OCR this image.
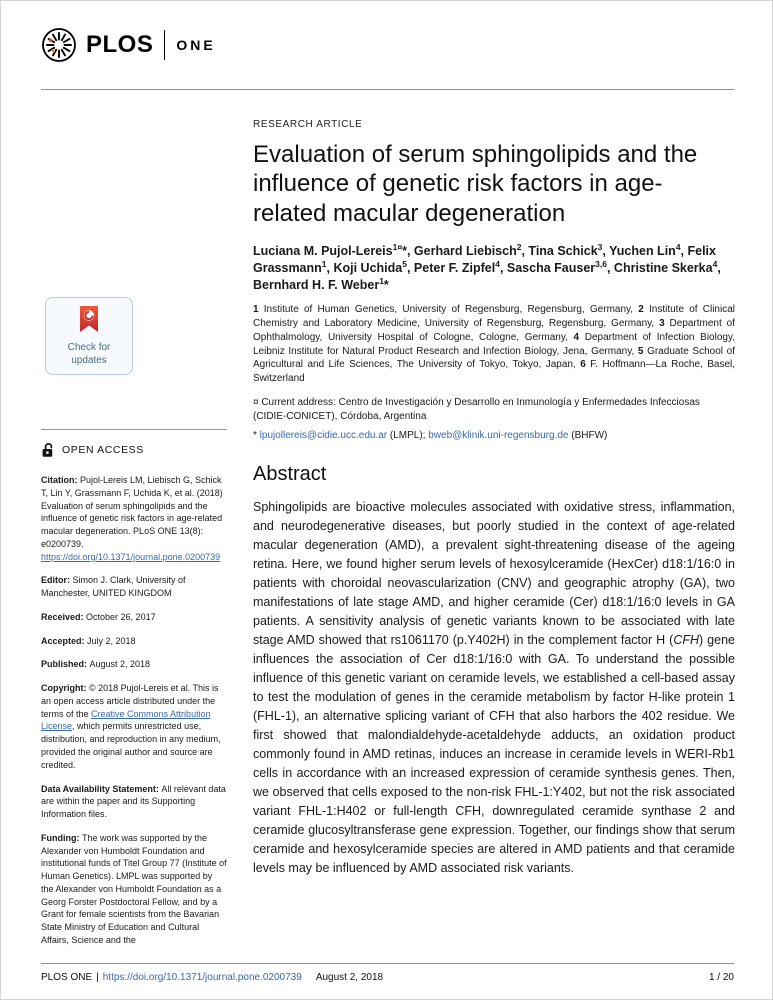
PLOS ONE
Check for
updates
OPEN ACCESS

Citation: Pujol-Lereis LM, Liebisch G, Schick T, Lin Y, Grassmann F, Uchida K, et al. (2018) Evaluation of serum sphingolipids and the influence of genetic risk factors in age-related macular degeneration. PLoS ONE 13(8): e0200739. https://doi.org/10.1371/journal.pone.0200739

Editor: Simon J. Clark, University of Manchester, UNITED KINGDOM

Received: October 26, 2017

Accepted: July 2, 2018

Published: August 2, 2018

Copyright: © 2018 Pujol-Lereis et al. This is an open access article distributed under the terms of the Creative Commons Attribution License, which permits unrestricted use, distribution, and reproduction in any medium, provided the original author and source are credited.

Data Availability Statement: All relevant data are within the paper and its Supporting Information files.

Funding: The work was supported by the Alexander von Humboldt Foundation and institutional funds of Titel Group 77 (Institute of Human Genetics). LMPL was supported by the Alexander von Humboldt Foundation as a Georg Forster Postdoctoral Fellow, and by a Grant for female scientists from the Bavarian State Ministry of Education and Cultural Affairs, Science and the

RESEARCH ARTICLE
Evaluation of serum sphingolipids and the influence of genetic risk factors in age-related macular degeneration

Luciana M. Pujol-Lereis$^{1¤}$*, Gerhard Liebisch$^2$, Tina Schick$^3$, Yuchen Lin$^4$, Felix Grassmann$^1$, Koji Uchida$^5$, Peter F. Zipfel$^4$, Sascha Fauser$^{3,6}$, Christine Skerka$^4$, Bernhard H. F. Weber$^1$*

1 Institute of Human Genetics, University of Regensburg, Regensburg, Germany, 2 Institute of Clinical Chemistry and Laboratory Medicine, University of Regensburg, Regensburg, Germany, 3 Department of Ophthalmology, University Hospital of Cologne, Cologne, Germany, 4 Department of Infection Biology, Leibniz Institute for Natural Product Research and Infection Biology, Jena, Germany, 5 Graduate School of Agricultural and Life Sciences, The University of Tokyo, Tokyo, Japan, 6 F. Hoffmann—La Roche, Basel, Switzerland

¤ Current address: Centro de Investigación y Desarrollo en Inmunología y Enfermedades Infecciosas (CIDIE-CONICET), Córdoba, Argentina

* lpujollereis@cidie.ucc.edu.ar (LMPL); bweb@klinik.uni-regensburg.de (BHFW)

Abstract

Sphingolipids are bioactive molecules associated with oxidative stress, inflammation, and neurodegenerative diseases, but poorly studied in the context of age-related macular degeneration (AMD), a prevalent sight-threatening disease of the ageing retina. Here, we found higher serum levels of hexosylceramide (HexCer) d18:1/16:0 in patients with choroidal neovascularization (CNV) and geographic atrophy (GA), two manifestations of late stage AMD, and higher ceramide (Cer) d18:1/16:0 levels in GA patients. A sensitivity analysis of genetic variants known to be associated with late stage AMD showed that rs1061170 (p.Y402H) in the complement factor H (CFH) gene influences the association of Cer d18:1/16:0 with GA. To understand the possible influence of this genetic variant on ceramide levels, we established a cell-based assay to test the modulation of genes in the ceramide metabolism by factor H-like protein 1 (FHL-1), an alternative splicing variant of CFH that also harbors the 402 residue. We first showed that malondialdehyde-acetaldehyde adducts, an oxidation product commonly found in AMD retinas, induces an increase in ceramide levels in WERI-Rb1 cells in accordance with an increased expression of ceramide synthesis genes. Then, we observed that cells exposed to the non-risk FHL-1:Y402, but not the risk associated variant FHL-1:H402 or full-length CFH, downregulated ceramide synthase 2 and ceramide glucosyltransferase gene expression. Together, our findings show that serum ceramide and hexosylceramide species are altered in AMD patients and that ceramide levels may be influenced by AMD associated risk variants.

PLOS ONE | https://doi.org/10.1371/journal.pone.0200739 August 2, 2018	1 / 20
